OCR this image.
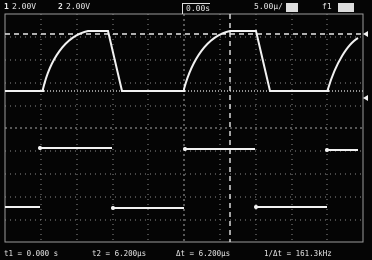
1 2.00V	2 2.00V	0.00s	5.00µ/	f1
t1 = 0.000 s	t2 = 6.200µs	Δt = 6.200µs	1/Δt = 161.3kHz
